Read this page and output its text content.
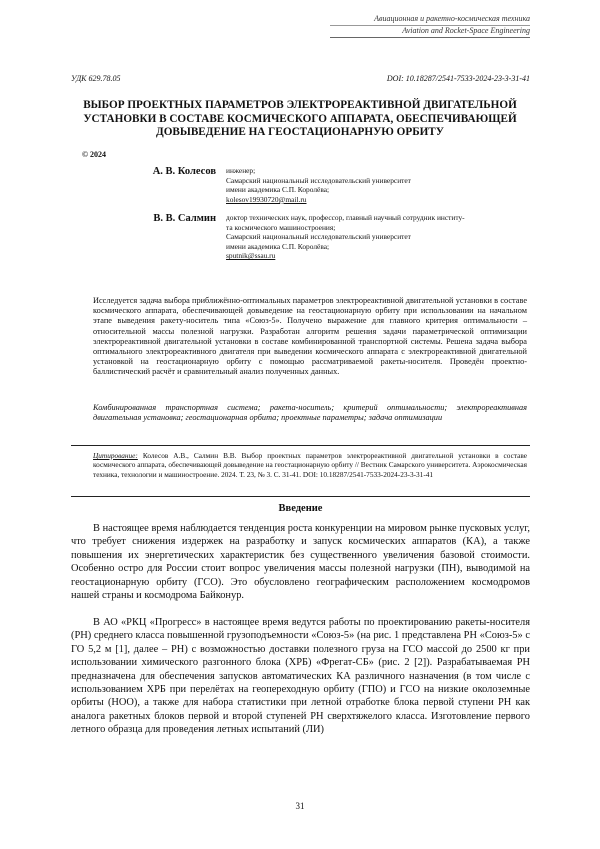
Авиационная и ракетно-космическая техника
Aviation and Rocket-Space Engineering
УДК 629.78.05	DOI: 10.18287/2541-7533-2024-23-3-31-41
ВЫБОР ПРОЕКТНЫХ ПАРАМЕТРОВ ЭЛЕКТРОРЕАКТИВНОЙ ДВИГАТЕЛЬНОЙ УСТАНОВКИ В СОСТАВЕ КОСМИЧЕСКОГО АППАРАТА, ОБЕСПЕЧИВАЮЩЕЙ ДОВЫВЕДЕНИЕ НА ГЕОСТАЦИОНАРНУЮ ОРБИТУ
© 2024
А. В. Колесов инженер;
Самарский национальный исследовательский университет
имени академика С.П. Королёва;
kolesov19930720@mail.ru
В. В. Салмин доктор технических наук, профессор, главный научный сотрудник институ-
та космического машиностроения;
Самарский национальный исследовательский университет
имени академика С.П. Королёва;
sputnik@ssau.ru
Исследуется задача выбора приближённо-оптимальных параметров электрореактивной двигательной установки в составе космического аппарата, обеспечивающей довыведение на геостационарную орбиту при использовании на начальном этапе выведения ракету-носитель типа «Союз-5». Получено выражение для главного критерия оптимальности – относительной массы полезной нагрузки. Разработан алгоритм решения задачи параметрической оптимизации электрореактивной двигательной установки в составе комбинированной транспортной системы. Решена задача выбора оптимального электрореактивного двигателя при выведении космического аппарата с электрореактивной двигательной установкой на геостационарную орбиту с помощью рассматриваемой ракеты-носителя. Проведён проектно-баллистический расчёт и сравнительный анализ полученных данных.
Комбинированная транспортная система; ракета-носитель; критерий оптимальности; электрореактивная двигательная установка; геостационарная орбита; проектные параметры; задача оптимизации
Цитирование: Колесов А.В., Салмин В.В. Выбор проектных параметров электрореактивной двигательной установки в составе космического аппарата, обеспечивающей довыведение на геостационарную орбиту // Вестник Самарского университета. Аэрокосмическая техника, технологии и машиностроение. 2024. Т. 23, № 3. С. 31-41. DOI: 10.18287/2541-7533-2024-23-3-31-41
Введение

В настоящее время наблюдается тенденция роста конкуренции на мировом рынке пусковых услуг, что требует снижения издержек на разработку и запуск космических аппаратов (КА), а также повышения их энергетических характеристик без существенного увеличения базовой стоимости. Особенно остро для России стоит вопрос увеличения массы полезной нагрузки (ПН), выводимой на геостационарную орбиту (ГСО). Это обусловлено географическим расположением космодромов нашей страны и космодрома Байконур.

В АО «РКЦ «Прогресс» в настоящее время ведутся работы по проектированию ракеты-носителя (РН) среднего класса повышенной грузоподъемности «Союз-5» (на рис. 1 представлена РН «Союз-5» с ГО 5,2 м [1], далее – РН) с возможностью доставки полезного груза на ГСО массой до 2500 кг при использовании химического разгонного блока (ХРБ) «Фрегат-СБ» (рис. 2 [2]). Разрабатываемая РН предназначена для обеспечения запусков автоматических КА различного назначения (в том числе с использованием ХРБ при перелётах на геопереходную орбиту (ГПО) и ГСО на низкие околоземные орбиты (НОО), а также для набора статистики при летной отработке блока первой ступени РН как аналога ракетных блоков первой и второй ступеней РН сверхтяжелого класса. Изготовление первого летного образца для проведения летных испытаний (ЛИ)

31
